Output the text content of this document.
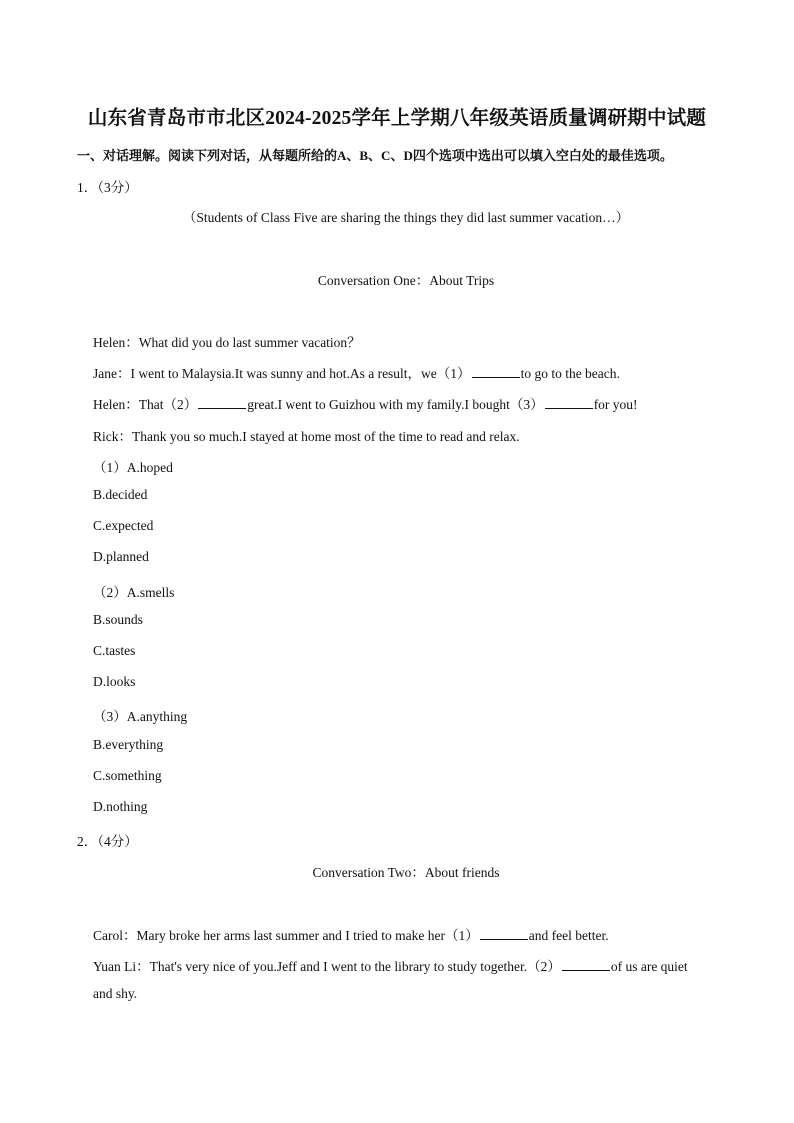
山东省青岛市市北区2024-2025学年上学期八年级英语质量调研期中试题
一、对话理解。阅读下列对话，从每题所给的A、B、C、D四个选项中选出可以填入空白处的最佳选项。
1．（3分）
（Students of Class Five are sharing the things they did last summer vacation…）
Conversation One：About Trips
Helen：What did you do last summer vacation？
Jane：I went to Malaysia.It was sunny and hot.As a result，we（1）	to go to the beach.
Helen：That（2）	great.I went to Guizhou with my family.I bought（3）	for you!
Rick：Thank you so much.I stayed at home most of the time to read and relax.
（1）A.hoped
B.decided
C.expected
D.planned
（2）A.smells
B.sounds
C.tastes
D.looks
（3）A.anything
B.everything
C.something
D.nothing
2．（4分）
Conversation Two：About friends
Carol：Mary broke her arms last summer and I tried to make her（1）	and feel better.
Yuan Li：That's very nice of you.Jeff and I went to the library to study together.（2）	of us are quiet
and shy.
